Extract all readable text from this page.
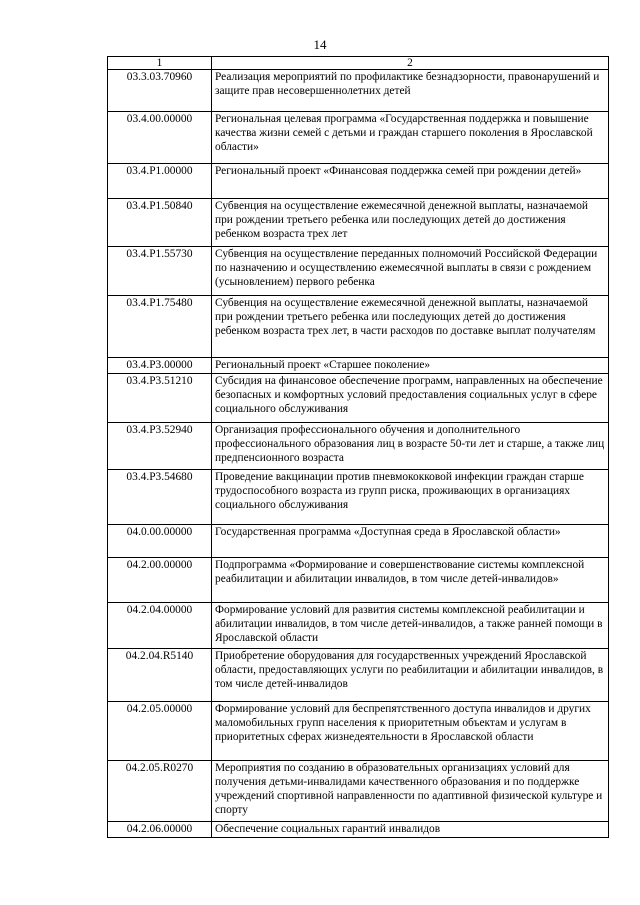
14
1	2
03.3.03.70960	Реализация мероприятий по профилактике безнадзорности, правонарушений и защите прав несовершеннолетних детей
03.4.00.00000	Региональная целевая программа «Государственная поддержка и повышение качества жизни семей с детьми и граждан старшего поколения в Ярославской области»
03.4.P1.00000	Региональный проект «Финансовая поддержка семей при рождении детей»
03.4.P1.50840	Субвенция на осуществление ежемесячной денежной выплаты, назначаемой при рождении третьего ребенка или последующих детей до достижения ребенком возраста трех лет
03.4.P1.55730	Субвенция на осуществление переданных полномочий Российской Федерации по назначению и осуществлению ежемесячной выплаты в связи с рождением (усыновлением) первого ребенка
03.4.P1.75480	Субвенция на осуществление ежемесячной денежной выплаты, назначаемой при рождении третьего ребенка или последующих детей до достижения ребенком возраста трех лет, в части расходов по доставке выплат получателям
03.4.P3.00000	Региональный проект «Старшее поколение»
03.4.P3.51210	Субсидия на финансовое обеспечение программ, направленных на обеспечение безопасных и комфортных условий предоставления социальных услуг в сфере социального обслуживания
03.4.P3.52940	Организация профессионального обучения и дополнительного профессионального образования лиц в возрасте 50-ти лет и старше, а также лиц предпенсионного возраста
03.4.P3.54680	Проведение вакцинации против пневмококковой инфекции граждан старше трудоспособного возраста из групп риска, проживающих в организациях социального обслуживания
04.0.00.00000	Государственная программа «Доступная среда в Ярославской области»
04.2.00.00000	Подпрограмма «Формирование и совершенствование системы комплексной реабилитации и абилитации инвалидов, в том числе детей-инвалидов»
04.2.04.00000	Формирование условий для развития системы комплексной реабилитации и абилитации инвалидов, в том числе детей-инвалидов, а также ранней помощи в Ярославской области
04.2.04.R5140	Приобретение оборудования для государственных учреждений Ярославской области, предоставляющих услуги по реабилитации и абилитации инвалидов, в том числе детей-инвалидов
04.2.05.00000	Формирование условий для беспрепятственного доступа инвалидов и других маломобильных групп населения к приоритетным объектам и услугам в приоритетных сферах жизнедеятельности в Ярославской области
04.2.05.R0270	Мероприятия по созданию в образовательных организациях условий для получения детьми-инвалидами качественного образования и по поддержке учреждений спортивной направленности по адаптивной физической культуре и спорту
04.2.06.00000	Обеспечение социальных гарантий инвалидов
